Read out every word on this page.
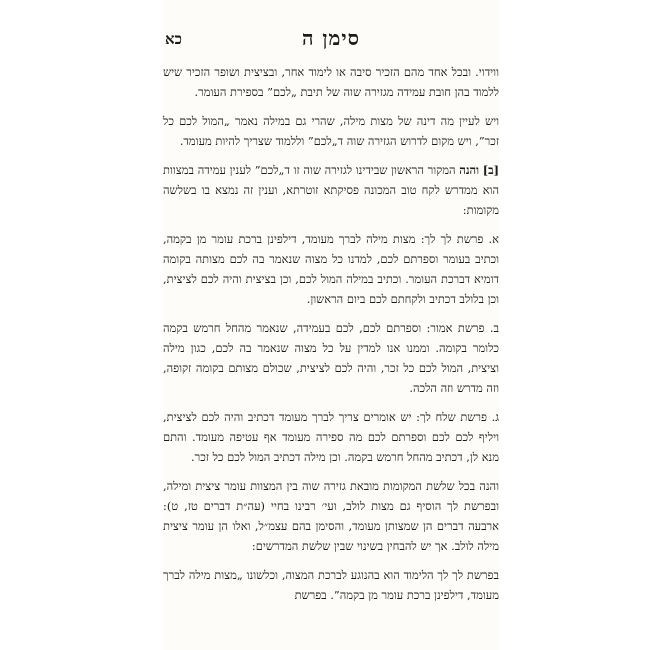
סימן ה
כא

ווידוי. ובכל אחד מהם הזכיר סיבה או לימוד אחר, ובציצית ושופר הזכיר שיש ללמוד בהן חובת עמידה מגזירה שוה של תיבת „לכם” בספירת העומר.

ויש לעיין מה דינה של מצות מילה, שהרי גם במילה נאמר „המול לכם כל זכר”, ויש מקום לדרוש הגזירה שוה ד„לכם” וללמוד שצריך להיות מעומד.

[ב] והנה המקור הראשון שבידינו לגזירה שוה זו ד„לכם” לענין עמידה במצוות הוא ממדרש לקח טוב המכונה פסיקתא זוטרתא, וענין זה נמצא בו בשלשה מקומות:

א. פרשת לך לך: מצות מילה לברך מעומד, דילפינן ברכת עומר מן בקמה, וכתיב בעומר וספרתם לכם, למדנו כל מצוה שנאמר בה לכם מצותה בקומה דומיא דברכת העומר. וכתיב במילה המול לכם, וכן בציצית והיה לכם לציצית, וכן בלולב דכתיב ולקחתם לכם ביום הראשון.

ב. פרשת אמור: וספרתם לכם, לכם בעמידה, שנאמר מהחל חרמש בקמה כלומר בקומה. וממנו אנו למדין על כל מצוה שנאמר בה לכם, כגון מילה וציצית, המול לכם כל זכר, והיה לכם לציצית, שכולם מצותם בקומה זקופה, וזה מדרש וזה הלכה.

ג. פרשת שלח לך: יש אומרים צריך לברך מעומד דכתיב והיה לכם לציצית, ויליף לכם לכם וספרתם לכם מה ספירה מעומד אף עטיפה מעומד. והתם מנא לן, דכתיב מהחל חרמש בקמה. וכן מילה דכתיב המול לכם כל זכר.

והנה בכל שלשת המקומות מובאת גזירה שוה בין המצוות עומר ציצית ומילה, ובפרשת לך הוסיף גם מצות לולב, ועי׳ רבינו בחיי (עה״ת דברים טז, ט): ארבעה דברים הן שמצותן מעומד, והסימן בהם עצמ״ל, ואלו הן עומר ציצית מילה לולב. אך יש להבחין בשינוי שבין שלשת המדרשים:

בפרשת לך לך הלימוד הוא בהנוגע לברכת המצוה, וכלשונו „מצות מילה לברך מעומד, דילפינן ברכת עומר מן בקמה”. בפרשת
